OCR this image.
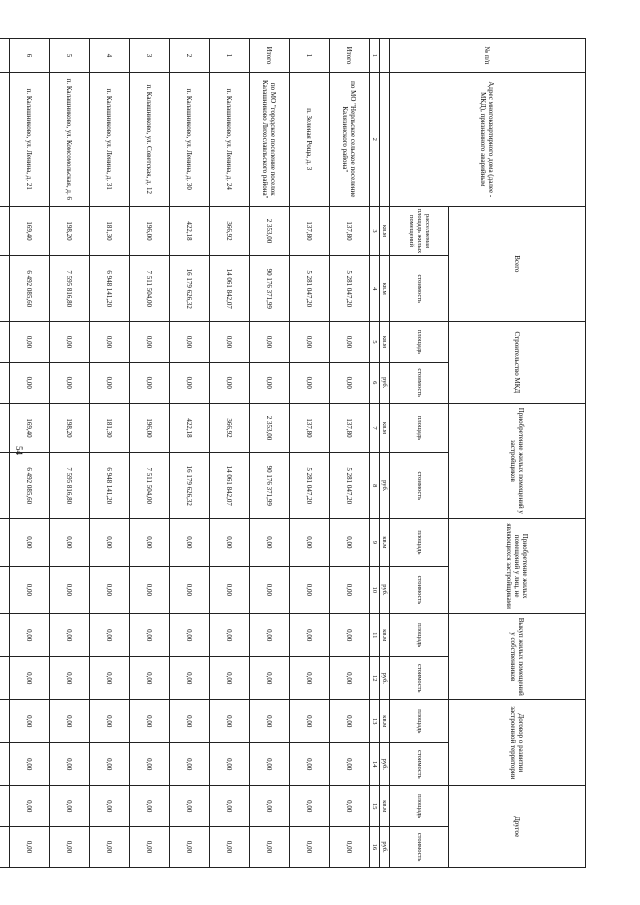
54
№ п/п	Адрес многоквартирного дома (далее - МКД), признанного аварийным	Всего		Строительство МКД		Приобретение жилых помещений у застройщиков		Приобретение жилых помещений у лиц, не являющихся застройщиками		Выкуп жилых помещений у собственников		Договор о развитии застроенной территории		Другое	
		расселяемая площадь жилых помещений	стоимость	площадь	стоимость	площадь	стоимость	площадь	стоимость	площадь	стоимость	площадь	стоимость	площадь	стоимость
		кв.м	кв.м	кв.м	руб.	кв.м	руб.	кв.м	руб.	кв.м	руб.	кв.м	руб.	кв.м	руб.
1	2	3	4	5	6	7	8	9	10	11	12	13	14	15	16
Итого	по МО "Нерльское сельское поселение Калязинского района"	137,80	5 281 047,20	0,00	0,00	137,80	5 281 047,20	0,00	0,00	0,00	0,00	0,00	0,00	0,00	0,00
1	п. Зеленая Роща, д. 3	137,80	5 281 047,20	0,00	0,00	137,80	5 281 047,20	0,00	0,00	0,00	0,00	0,00	0,00	0,00	0,00
Итого	по МО "городское поселение поселок Калашниково Лихославльского района"	2 353,00	90 176 371,99	0,00	0,00	2 353,00	90 176 371,99	0,00	0,00	0,00	0,00	0,00	0,00	0,00	0,00
1	п. Калашниково, ул. Ленина, д. 24	366,92	14 061 842,07	0,00	0,00	366,92	14 061 842,07	0,00	0,00	0,00	0,00	0,00	0,00	0,00	0,00
2	п. Калашниково, ул. Ленина, д. 30	422,18	16 179 626,32	0,00	0,00	422,18	16 179 626,32	0,00	0,00	0,00	0,00	0,00	0,00	0,00	0,00
3	п. Калашниково, ул. Советская, д. 12	196,00	7 511 504,00	0,00	0,00	196,00	7 511 504,00	0,00	0,00	0,00	0,00	0,00	0,00	0,00	0,00
4	п. Калашниково, ул. Ленина, д. 31	181,30	6 948 141,20	0,00	0,00	181,30	6 948 141,20	0,00	0,00	0,00	0,00	0,00	0,00	0,00	0,00
5	п. Калашниково, ул. Комсомольская, д. 6	198,20	7 595 816,80	0,00	0,00	198,20	7 595 816,80	0,00	0,00	0,00	0,00	0,00	0,00	0,00	0,00
6	п. Калашниково, ул. Ленина, д. 21	169,40	6 492 085,60	0,00	0,00	169,40	6 492 085,60	0,00	0,00	0,00	0,00	0,00	0,00	0,00	0,00
